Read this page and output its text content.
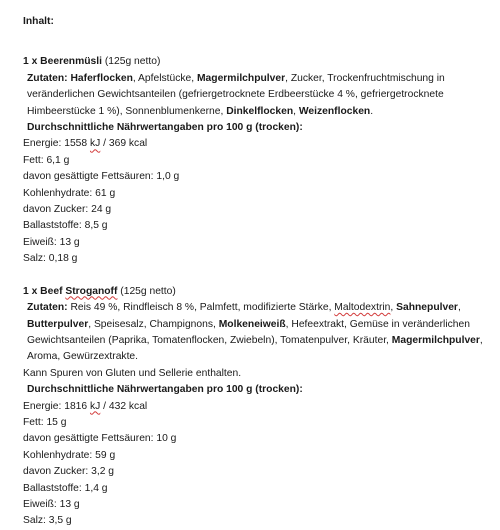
Inhalt:
1 x Beerenmüsli (125g netto)
Zutaten: Haferflocken, Apfelstücke, Magermilchpulver, Zucker, Trockenfruchtmischung in veränderlichen Gewichtsanteilen (gefriergetrocknete Erdbeerstücke 4 %, gefriergetrocknete Himbeerstücke 1 %), Sonnenblumenkerne, Dinkelflocken, Weizenflocken.
Durchschnittliche Nährwertangaben pro 100 g (trocken):
Energie: 1558 kJ / 369 kcal
Fett: 6,1 g
davon gesättigte Fettsäuren: 1,0 g
Kohlenhydrate: 61 g
davon Zucker: 24 g
Ballaststoffe: 8,5 g
Eiweiß: 13 g
Salz: 0,18 g
1 x Beef Stroganoff (125g netto)
Zutaten: Reis 49 %, Rindfleisch 8 %, Palmfett, modifizierte Stärke, Maltodextrin, Sahnepulver, Butterpulver, Speisesalz, Champignons, Molkeneiweiß, Hefeextrakt, Gemüse in veränderlichen Gewichtsanteilen (Paprika, Tomatenflocken, Zwiebeln), Tomatenpulver, Kräuter, Magermilchpulver, Aroma, Gewürzextrakte.
Kann Spuren von Gluten und Sellerie enthalten.
Durchschnittliche Nährwertangaben pro 100 g (trocken):
Energie: 1816 kJ / 432 kcal
Fett: 15 g
davon gesättigte Fettsäuren: 10 g
Kohlenhydrate: 59 g
davon Zucker: 3,2 g
Ballaststoffe: 1,4 g
Eiweiß: 13 g
Salz: 3,5 g
